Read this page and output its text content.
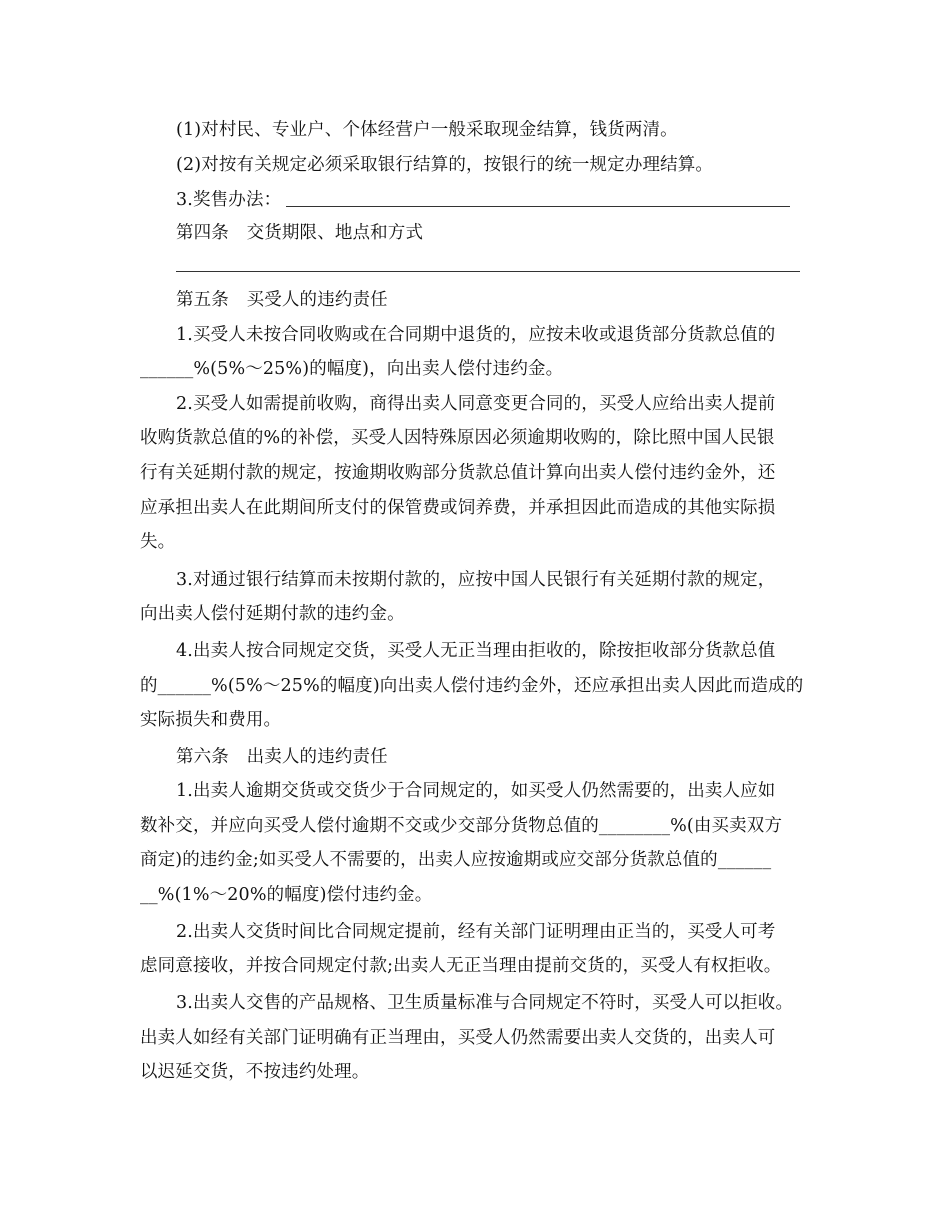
(1)对村民、专业户、个体经营户一般采取现金结算，钱货两清。
(2)对按有关规定必须采取银行结算的，按银行的统一规定办理结算。
3.奖售办法：
第四条　交货期限、地点和方式
第五条　买受人的违约责任
1.买受人未按合同收购或在合同期中退货的，应按未收或退货部分货款总值的
______%(5%～25%)的幅度)，向出卖人偿付违约金。
2.买受人如需提前收购，商得出卖人同意变更合同的，买受人应给出卖人提前
收购货款总值的%的补偿，买受人因特殊原因必须逾期收购的，除比照中国人民银
行有关延期付款的规定，按逾期收购部分货款总值计算向出卖人偿付违约金外，还
应承担出卖人在此期间所支付的保管费或饲养费，并承担因此而造成的其他实际损
失。
3.对通过银行结算而未按期付款的，应按中国人民银行有关延期付款的规定，
向出卖人偿付延期付款的违约金。
4.出卖人按合同规定交货，买受人无正当理由拒收的，除按拒收部分货款总值
的______%(5%～25%的幅度)向出卖人偿付违约金外，还应承担出卖人因此而造成的
实际损失和费用。
第六条　出卖人的违约责任
1.出卖人逾期交货或交货少于合同规定的，如买受人仍然需要的，出卖人应如
数补交，并应向买受人偿付逾期不交或少交部分货物总值的________%(由买卖双方
商定)的违约金;如买受人不需要的，出卖人应按逾期或应交部分货款总值的______
__%(1%～20%的幅度)偿付违约金。
2.出卖人交货时间比合同规定提前，经有关部门证明理由正当的，买受人可考
虑同意接收，并按合同规定付款;出卖人无正当理由提前交货的，买受人有权拒收。
3.出卖人交售的产品规格、卫生质量标准与合同规定不符时，买受人可以拒收。
出卖人如经有关部门证明确有正当理由，买受人仍然需要出卖人交货的，出卖人可
以迟延交货，不按违约处理。
